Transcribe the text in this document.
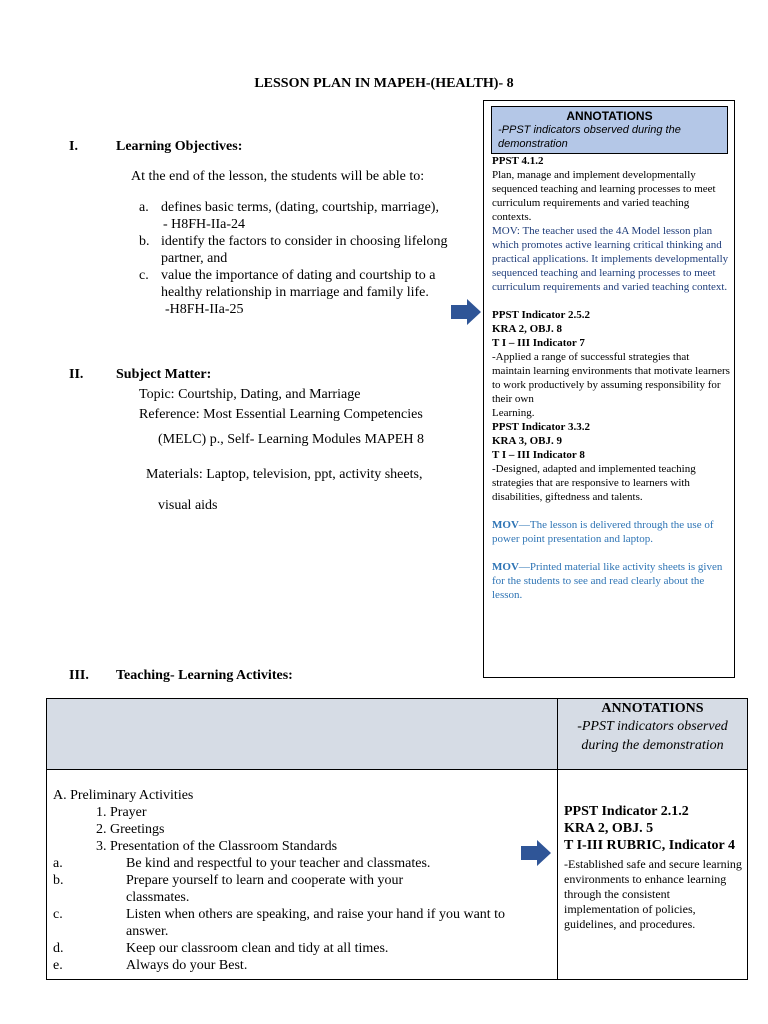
LESSON PLAN IN MAPEH-(HEALTH)- 8
I.	Learning Objectives:
At the end of the lesson, the students will be able to:
a. defines basic terms, (dating, courtship, marriage),
- H8FH-IIa-24
b. identify the factors to consider in choosing lifelong
partner, and
c. value the importance of dating and courtship to a
healthy relationship in marriage and family life.
-H8FH-IIa-25
II. Subject Matter:
Topic: Courtship, Dating, and Marriage
Reference: Most Essential Learning Competencies
(MELC) p., Self- Learning Modules MAPEH 8
Materials: Laptop, television, ppt, activity sheets,
visual aids
III. Teaching- Learning Activites:
ANNOTATIONS
-PPST indicators observed during the demonstration

PPST 4.1.2

Plan, manage and implement developmentally sequenced teaching and learning processes to meet curriculum requirements and varied teaching contexts.

MOV: The teacher used the 4A Model lesson plan which promotes active learning critical thinking and practical applications. It implements developmentally sequenced teaching and learning processes to meet curriculum requirements and varied teaching context.

PPST Indicator 2.5.2

KRA 2, OBJ. 8

T I – III Indicator 7

-Applied a range of successful strategies that maintain learning environments that motivate learners to work productively by assuming responsibility for their own

Learning.

PPST Indicator 3.3.2

KRA 3, OBJ. 9

T I – III Indicator 8

-Designed, adapted and implemented teaching strategies that are responsive to learners with disabilities, giftedness and talents.

MOV—The lesson is delivered through the use of power point presentation and laptop.

MOV—Printed material like activity sheets is given for the students to see and read clearly about the lesson.

ANNOTATIONS
-PPST indicators observed during the demonstration
A. Preliminary Activities
1. Prayer
2. Greetings
3. Presentation of the Classroom Standards
a.	Be kind and respectful to your teacher and classmates.
b.	Prepare yourself to learn and cooperate with your classmates.
c.	Listen when others are speaking, and raise your hand if you want to answer.
d.	Keep our classroom clean and tidy at all times.
e.	Always do your Best.
PPST Indicator 2.1.2
KRA 2, OBJ. 5
T I-III RUBRIC, Indicator 4
-Established safe and secure learning environments to enhance learning through the consistent implementation of policies, guidelines, and procedures.
